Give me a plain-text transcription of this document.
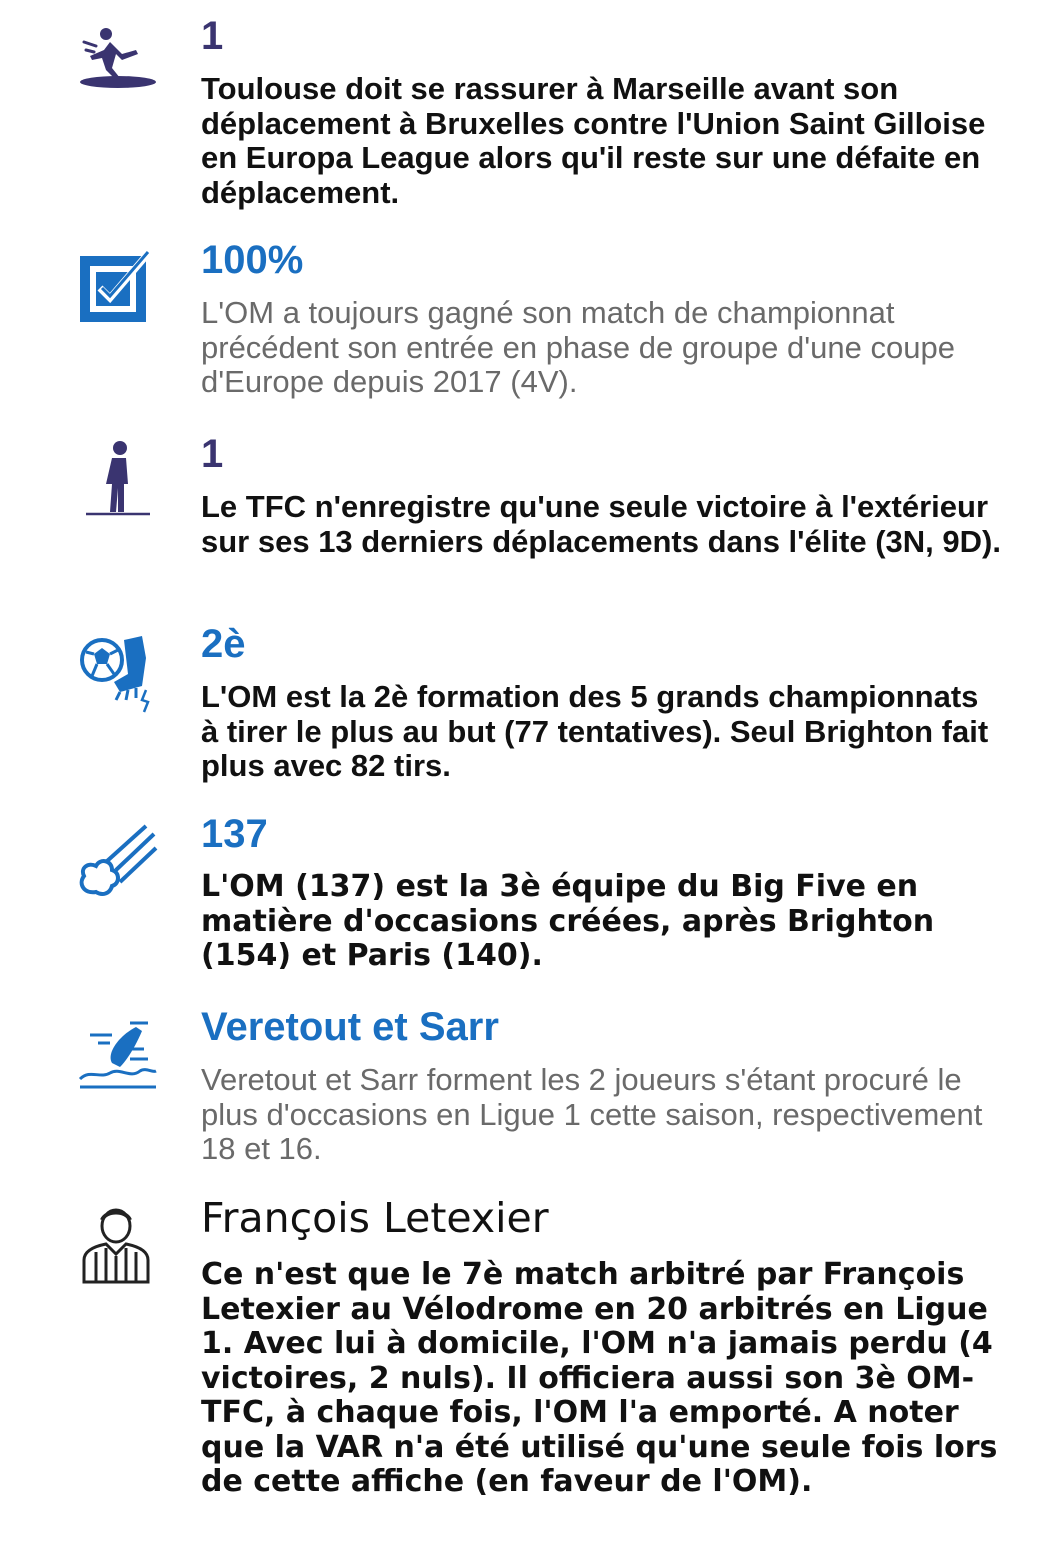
1
Toulouse doit se rassurer à Marseille avant son déplacement à Bruxelles contre l'Union Saint Gilloise en Europa League alors qu'il reste sur une défaite en déplacement.
100%
L'OM a toujours gagné son match de championnat précédent son entrée en phase de groupe d'une coupe d'Europe depuis 2017 (4V).
1
Le TFC n'enregistre qu'une seule victoire à l'extérieur sur ses 13 derniers déplacements dans l'élite (3N, 9D).
2è
L'OM est la 2è formation des 5 grands championnats à tirer le plus au but (77 tentatives). Seul Brighton fait plus avec 82 tirs.
137
L'OM (137) est la 3è équipe du Big Five en matière d'occasions créées, après Brighton (154) et Paris (140).
Veretout et Sarr
Veretout et Sarr forment les 2 joueurs s'étant procuré le plus d'occasions en Ligue 1 cette saison, respectivement 18 et 16.
François Letexier
Ce n'est que le 7è match arbitré par François Letexier au Vélodrome en 20 arbitrés en Ligue 1. Avec lui à domicile, l'OM n'a jamais perdu (4 victoires, 2 nuls). Il officiera aussi son 3è OM-TFC, à chaque fois, l'OM l'a emporté. A noter que la VAR n'a été utilisé qu'une seule fois lors de cette affiche (en faveur de l'OM).
